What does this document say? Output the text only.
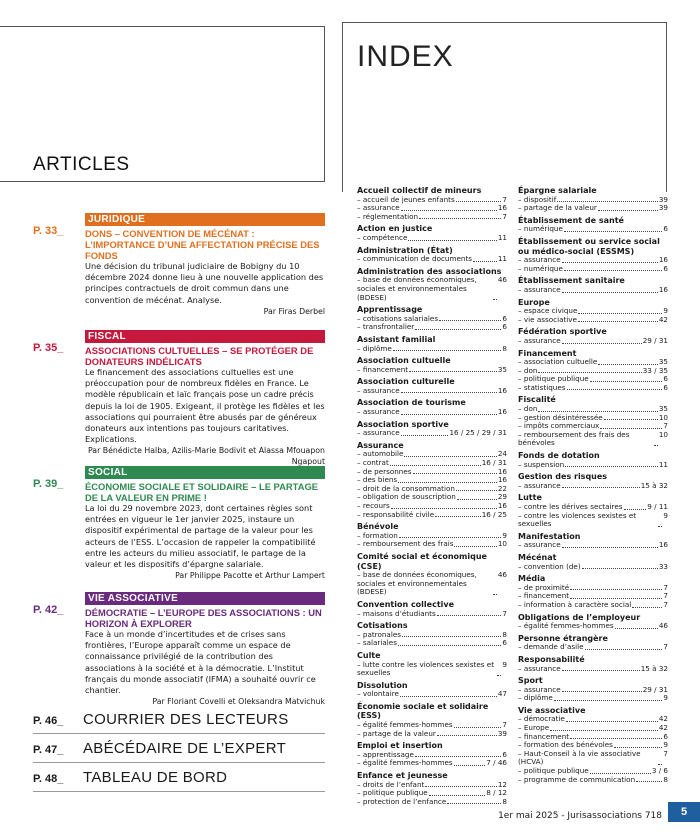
ARTICLES
P. 33_
JURIDIQUE
DONS – CONVENTION DE MÉCÉNAT : L’IMPORTANCE D’UNE AFFECTATION PRÉCISE DES FONDS
Une décision du tribunal judiciaire de Bobigny du 10 décembre 2024 donne lieu à une nouvelle application des principes contractuels de droit commun dans une convention de mécénat. Analyse.
Par Firas Derbel
P. 35_
FISCAL
ASSOCIATIONS CULTUELLES – SE PROTÉGER DE DONATEURS INDÉLICATS
Le financement des associations cultuelles est une préoccupation pour de nombreux fidèles en France. Le modèle républicain et laïc français pose un cadre précis depuis la loi de 1905. Exigeant, il protège les fidèles et les associations qui pourraient être abusés par de généreux donateurs aux intentions pas toujours caritatives. Explications.
Par Bénédicte Halba, Azilis-Marie Bodivit et Alassa Mfouapon Ngapout
P. 39_
SOCIAL
ÉCONOMIE SOCIALE ET SOLIDAIRE – LE PARTAGE DE LA VALEUR EN PRIME !
La loi du 29 novembre 2023, dont certaines règles sont entrées en vigueur le 1er janvier 2025, instaure un dispositif expérimental de partage de la valeur pour les acteurs de l’ESS. L’occasion de rappeler la compatibilité entre les acteurs du milieu associatif, le partage de la valeur et les dispositifs d’épargne salariale.
Par Philippe Pacotte et Arthur Lampert
P. 42_
VIE ASSOCIATIVE
DÉMOCRATIE – L’EUROPE DES ASSOCIATIONS : UN HORIZON À EXPLORER
Face à un monde d’incertitudes et de crises sans frontières, l’Europe apparaît comme un espace de connaissance privilégié de la contribution des associations à la société et à la démocratie. L’Institut français du monde associatif (IFMA) a souhaité ouvrir ce chantier.
Par Floriant Covelli et Oleksandra Matvichuk
P. 46_ COURRIER DES LECTEURS
P. 47_ ABÉCÉDAIRE DE L’EXPERT
P. 48_ TABLEAU DE BORD
INDEX
Accueil collectif de mineurs
– accueil de jeunes enfants	7
– assurance	16
– réglementation	7
Action en justice
– compétence	11
Administration (État)
– communication de documents	11
Administration des associations
– base de données économiques, sociales et environnementales (BDESE)
46
Apprentissage
– cotisations salariales	6
– transfrontalier	6
Assistant familial
– diplôme	8
Association cultuelle
– financement	35
Association culturelle
– assurance	16
Association de tourisme
– assurance	16
Association sportive
– assurance	16 / 25 / 29 / 31
Assurance
– automobile	24
– contrat	16 / 31
– de personnes	16
– des biens	16
– droit de la consommation	22
– obligation de souscription	29
– recours	16
– responsabilité civile	16 / 25
Bénévole
– formation	9
– remboursement des frais	10
Comité social et économique (CSE)
– base de données économiques, sociales et environnementales (BDESE)
46
Convention collective
– maisons d’étudiants	7
Cotisations
– patronales	8
– salariales	6
Culte
– lutte contre les violences sexistes et sexuelles
9
Dissolution
– volontaire	47
Économie sociale et solidaire (ESS)
– égalité femmes-hommes	7
– partage de la valeur	39
Emploi et insertion
– apprentissage	6
– égalité femmes-hommes	7 / 46
Enfance et jeunesse
– droits de l’enfant	12
– politique publique	8 / 12
– protection de l’enfance	8
Épargne salariale
– dispositif	39
– partage de la valeur	39
Établissement de santé
– numérique	6
Établissement ou service social ou médico-social (ESSMS)
– assurance	16
– numérique	6
Établissement sanitaire
– assurance	16
Europe
– espace civique	9
– vie associative	42
Fédération sportive
– assurance	29 / 31
Financement
– association cultuelle	35
– don	33 / 35
– politique publique	6
– statistiques	6
Fiscalité
– don	35
– gestion désintéressée	10
– impôts commerciaux	7
– remboursement des frais des bénévoles
10
Fonds de dotation
– suspension	11
Gestion des risques
– assurance	15 à 32
Lutte
– contre les dérives sectaires	9 / 11
– contre les violences sexistes et sexuelles
9
Manifestation
– assurance	16
Mécénat
– convention (de)	33
Média
– de proximité	7
– financement	7
– information à caractère social	7
Obligations de l’employeur
– égalité femmes-hommes	46
Personne étrangère
– demande d’asile	7
Responsabilité
– assurance	15 à 32
Sport
– assurance	29 / 31
– diplôme	9
Vie associative
– démocratie	42
– Europe	42
– financement	6
– formation des bénévoles	9
– Haut-Conseil à la vie associative (HCVA)
7
– politique publique	3 / 6
– programme de communication	8
1er mai 2025 - Jurisassociations 718	5
